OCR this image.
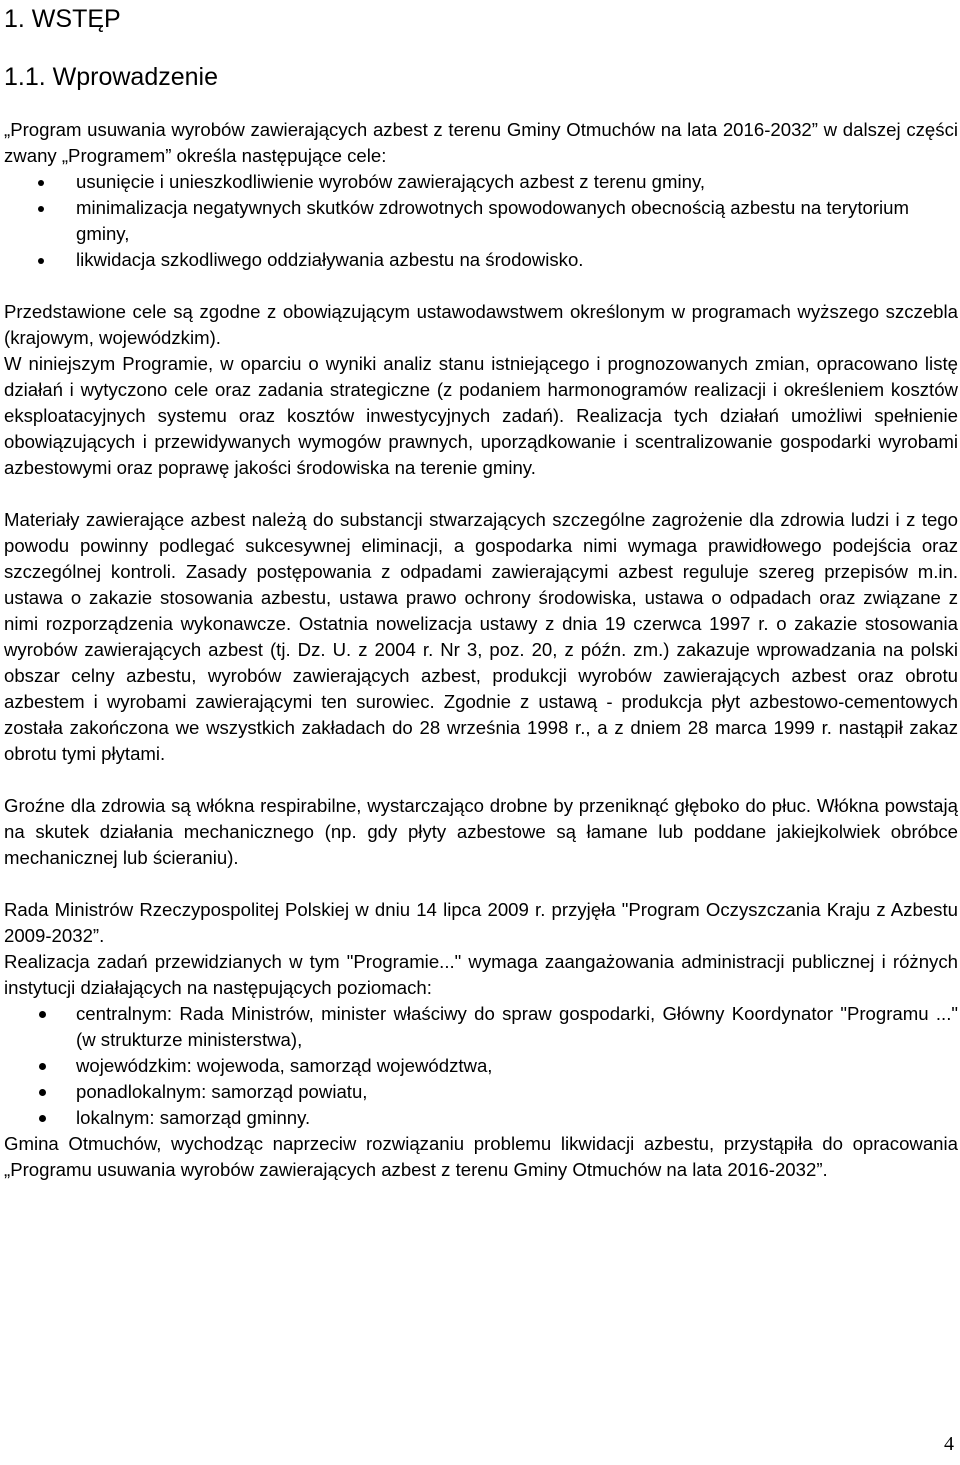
1. WSTĘP
1.1. Wprowadzenie

„Program usuwania wyrobów zawierających azbest z terenu Gminy Otmuchów na lata 2016-2032” w dalszej części zwany „Programem” określa następujące cele:

usunięcie i unieszkodliwienie wyrobów zawierających azbest z terenu gminy,
minimalizacja negatywnych skutków zdrowotnych spowodowanych obecnością azbestu na terytorium gminy,
likwidacja szkodliwego oddziaływania azbestu na środowisko.

Przedstawione cele są zgodne z obowiązującym ustawodawstwem określonym w programach wyższego szczebla (krajowym, wojewódzkim).

W niniejszym Programie, w oparciu o wyniki analiz stanu istniejącego i prognozowanych zmian, opracowano listę działań i wytyczono cele oraz zadania strategiczne (z podaniem harmonogramów realizacji i określeniem kosztów eksploatacyjnych systemu oraz kosztów inwestycyjnych zadań). Realizacja tych działań umożliwi spełnienie obowiązujących i przewidywanych wymogów prawnych, uporządkowanie i scentralizowanie gospodarki wyrobami azbestowymi oraz poprawę jakości środowiska na terenie gminy.

Materiały zawierające azbest należą do substancji stwarzających szczególne zagrożenie dla zdrowia ludzi i z tego powodu powinny podlegać sukcesywnej eliminacji, a gospodarka nimi wymaga prawidłowego podejścia oraz szczególnej kontroli. Zasady postępowania z odpadami zawierającymi azbest reguluje szereg przepisów m.in. ustawa o zakazie stosowania azbestu, ustawa prawo ochrony środowiska, ustawa o odpadach oraz związane z nimi rozporządzenia wykonawcze. Ostatnia nowelizacja ustawy z dnia 19 czerwca 1997 r. o zakazie stosowania wyrobów zawierających azbest (tj. Dz. U. z 2004 r. Nr 3, poz. 20, z późn. zm.) zakazuje wprowadzania na polski obszar celny azbestu, wyrobów zawierających azbest, produkcji wyrobów zawierających azbest oraz obrotu azbestem i wyrobami zawierającymi ten surowiec. Zgodnie z ustawą - produkcja płyt azbestowo-cementowych została zakończona we wszystkich zakładach do 28 września 1998 r., a z dniem 28 marca 1999 r. nastąpił zakaz obrotu tymi płytami.

Groźne dla zdrowia są włókna respirabilne, wystarczająco drobne by przeniknąć głęboko do płuc. Włókna powstają na skutek działania mechanicznego (np. gdy płyty azbestowe są łamane lub poddane jakiejkolwiek obróbce mechanicznej lub ścieraniu).

Rada Ministrów Rzeczypospolitej Polskiej w dniu 14 lipca 2009 r. przyjęła "Program Oczyszczania Kraju z Azbestu 2009-2032”.

Realizacja zadań przewidzianych w tym "Programie..." wymaga zaangażowania administracji publicznej i różnych instytucji działających na następujących poziomach:

centralnym: Rada Ministrów, minister właściwy do spraw gospodarki, Główny Koordynator "Programu ..." (w strukturze ministerstwa),
wojewódzkim: wojewoda, samorząd województwa,
ponadlokalnym: samorząd powiatu,
lokalnym: samorząd gminny.

Gmina Otmuchów, wychodząc naprzeciw rozwiązaniu problemu likwidacji azbestu, przystąpiła do opracowania „Programu usuwania wyrobów zawierających azbest z terenu Gminy Otmuchów na lata 2016-2032”.

4
